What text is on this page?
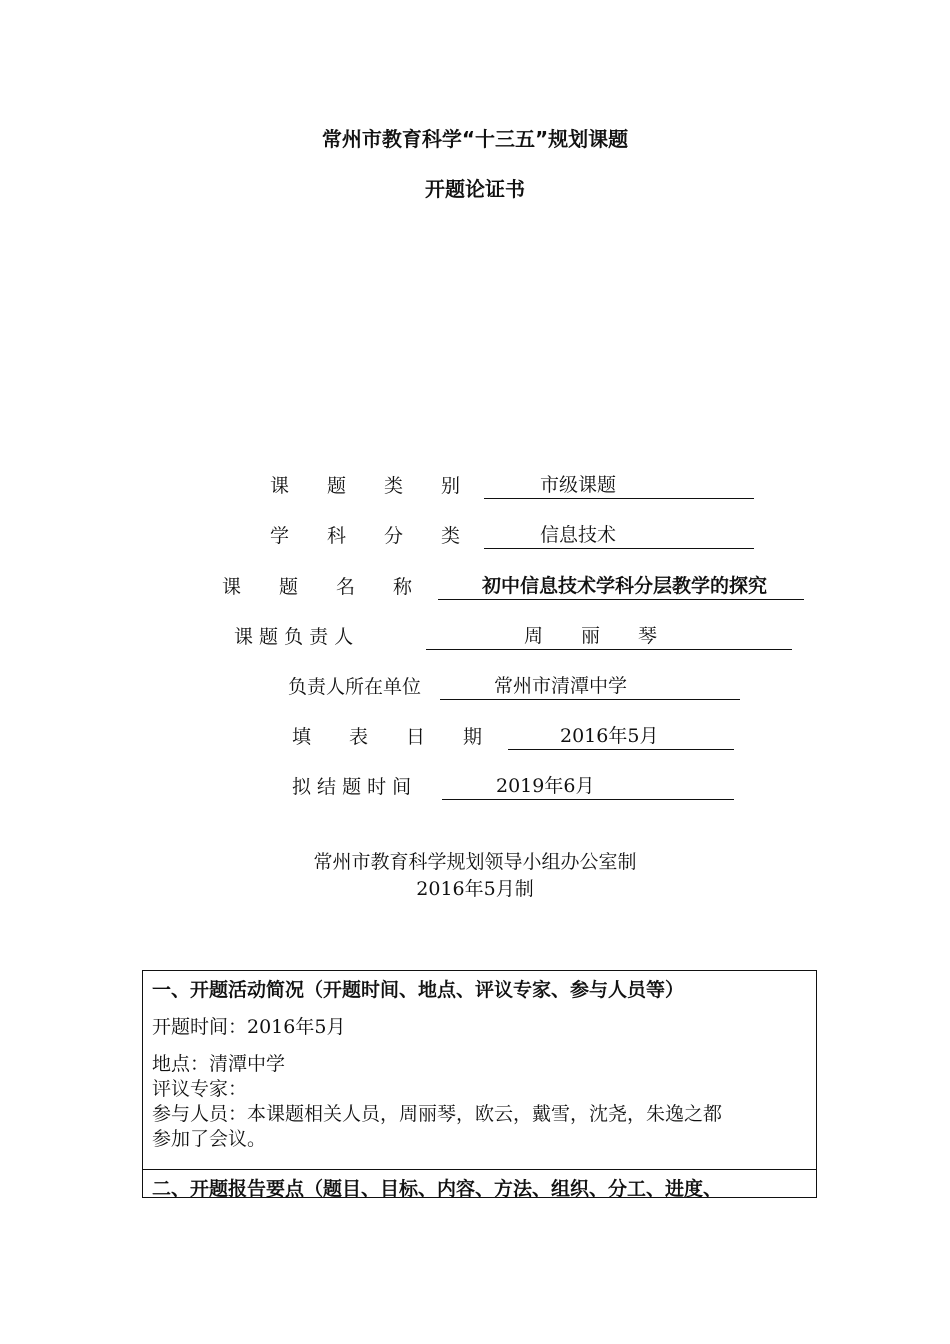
常州市教育科学“十三五”规划课题
开题论证书
课　　题　　类　　别	市级课题
学　　科　　分　　类	信息技术
课　　题　　名　　称	初中信息技术学科分层教学的探究
课 题 负 责 人	周　　丽　　琴
负责人所在单位	常州市清潭中学
填　　表　　日　　期	2016年5月
拟 结 题 时 间	2019年6月
常州市教育科学规划领导小组办公室制
2016年5月制
一、开题活动简况（开题时间、地点、评议专家、参与人员等）
开题时间：2016年5月
地点：清潭中学
评议专家：
参与人员：本课题相关人员，周丽琴，欧云，戴雪，沈尧，朱逸之都
参加了会议。
二、开题报告要点（题目、目标、内容、方法、组织、分工、进度、
